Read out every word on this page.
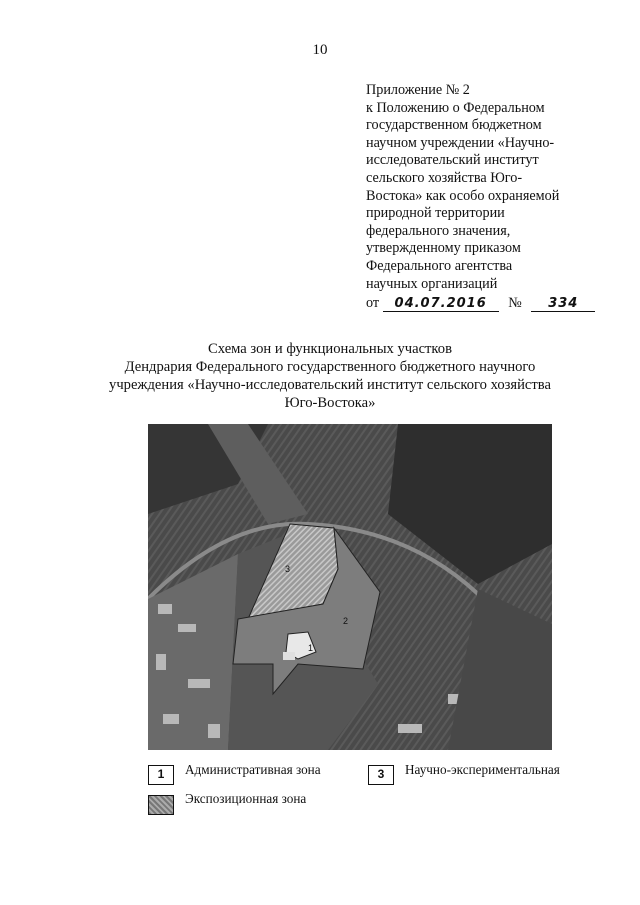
10
Приложение № 2
к Положению о Федеральном
государственном бюджетном
научном учреждении «Научно-
исследовательский институт
сельского хозяйства Юго-
Востока» как особо охраняемой
природной территории
федерального значения,
утвержденному приказом
Федерального агентства
научных организаций
от 04.07.2016 № 334
Схема зон и функциональных участков
Дендрария Федерального государственного бюджетного научного
учреждения «Научно-исследовательский институт сельского хозяйства
Юго-Востока»
3
2
1
1	Административная зона	3	Научно-экспериментальная
Экспозиционная зона
